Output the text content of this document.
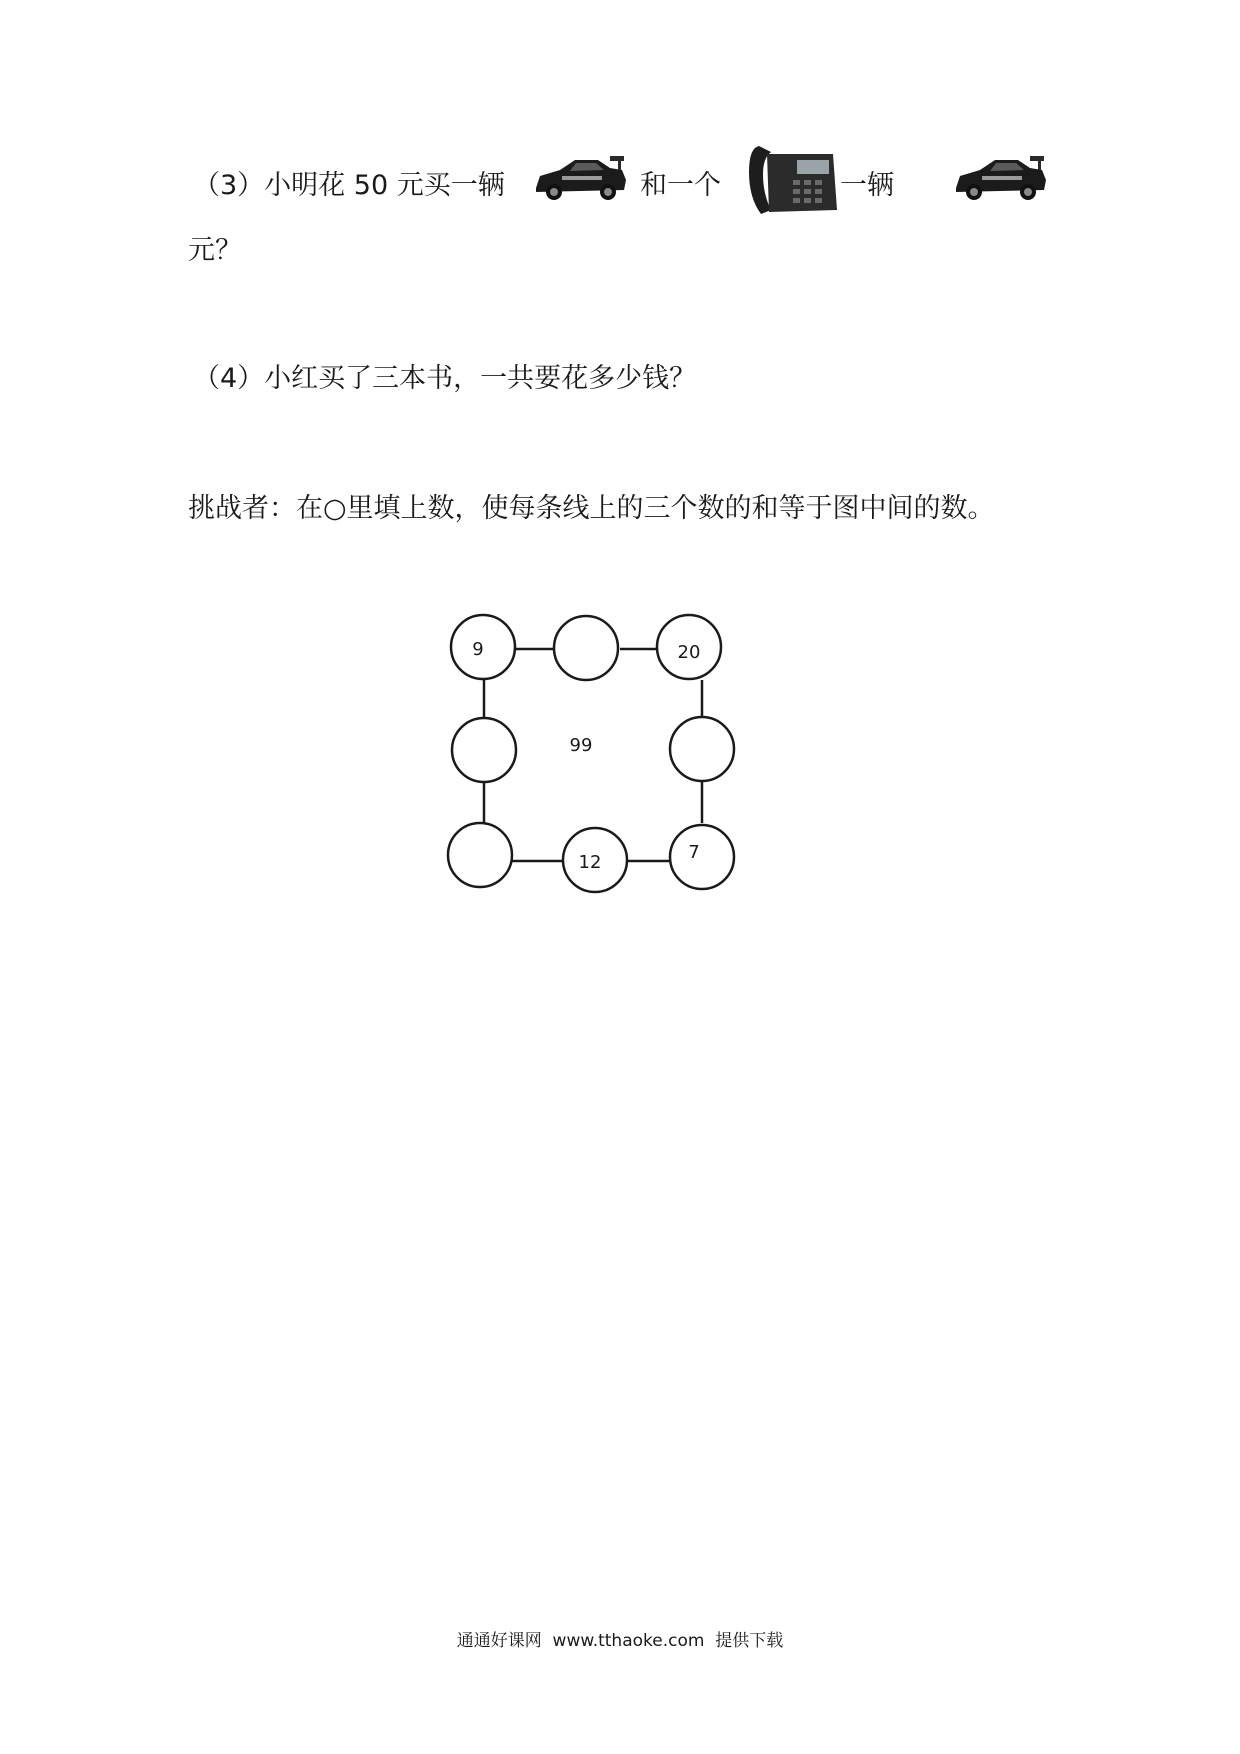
（3）小明花 50 元买一辆	和一个	一辆
元？
（4）小红买了三本书，一共要花多少钱？
挑战者：在○里填上数，使每条线上的三个数的和等于图中间的数。
9	20
12	7
99
通通好课网  www.tthaoke.com  提供下载
